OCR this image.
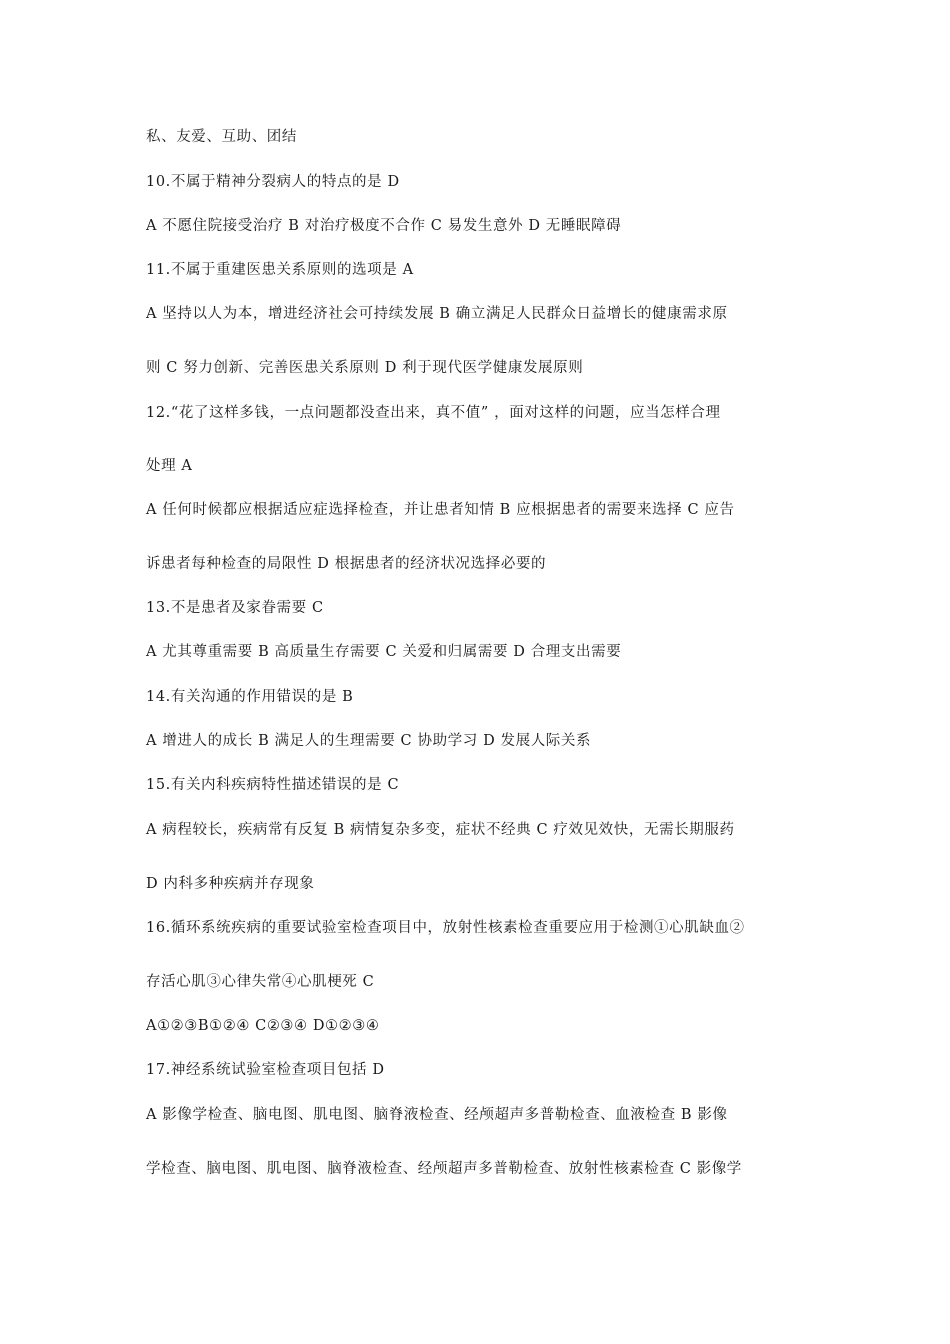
私、友爱、互助、团结
10.不属于精神分裂病人的特点的是 D
A 不愿住院接受治疗 B 对治疗极度不合作 C 易发生意外 D 无睡眠障碍
11.不属于重建医患关系原则的选项是 A
A 坚持以人为本，增进经济社会可持续发展 B 确立满足人民群众日益增长的健康需求原
则 C 努力创新、完善医患关系原则 D 利于现代医学健康发展原则
12.“花了这样多钱，一点问题都没查出来，真不值” ，面对这样的问题，应当怎样合理
处理 A
A 任何时候都应根据适应症选择检查，并让患者知情 B 应根据患者的需要来选择 C 应告
诉患者每种检查的局限性 D 根据患者的经济状况选择必要的
13.不是患者及家眷需要 C
A 尤其尊重需要 B 高质量生存需要 C 关爱和归属需要 D 合理支出需要
14.有关沟通的作用错误的是 B
A 增进人的成长 B 满足人的生理需要 C 协助学习 D 发展人际关系
15.有关内科疾病特性描述错误的是 C
A 病程较长，疾病常有反复 B 病情复杂多变，症状不经典 C 疗效见效快，无需长期服药
D 内科多种疾病并存现象
16.循环系统疾病的重要试验室检查项目中，放射性核素检查重要应用于检测①心肌缺血②
存活心肌③心律失常④心肌梗死 C
A①②③B①②④ C②③④ D①②③④
17.神经系统试验室检查项目包括 D
A 影像学检查、脑电图、肌电图、脑脊液检查、经颅超声多普勒检查、血液检查 B 影像
学检查、脑电图、肌电图、脑脊液检查、经颅超声多普勒检查、放射性核素检查 C 影像学
